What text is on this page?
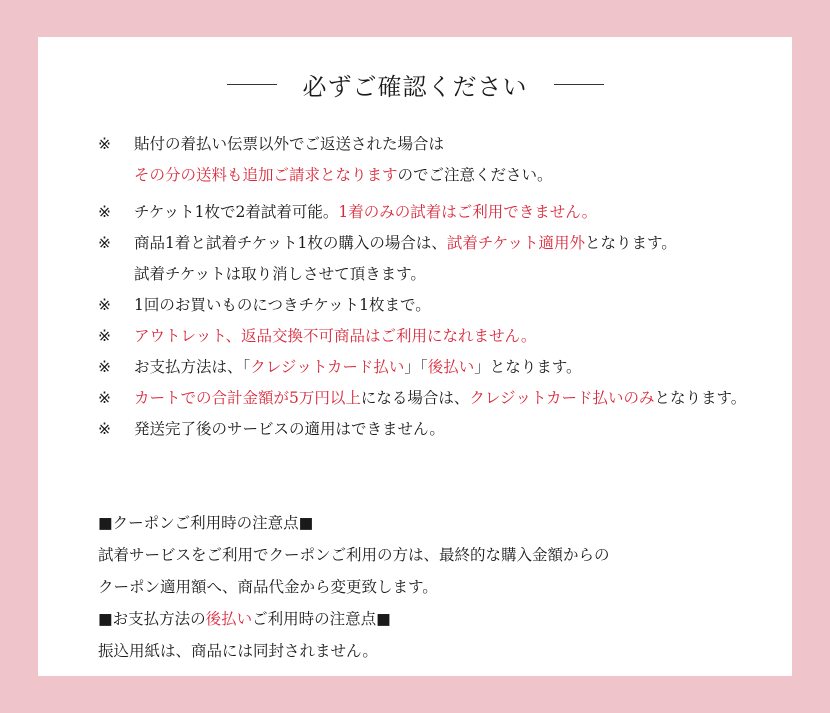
必ずご確認ください
※ 貼付の着払い伝票以外でご返送された場合は
その分の送料も追加ご請求となりますのでご注意ください。
※ チケット1枚で2着試着可能。1着のみの試着はご利用できません。
※ 商品1着と試着チケット1枚の購入の場合は、試着チケット適用外となります。
試着チケットは取り消しさせて頂きます。
※ 1回のお買いものにつきチケット1枚まで。
※ アウトレット、返品交換不可商品はご利用になれません。
※ お支払方法は、「クレジットカード払い」「後払い」となります。
※ カートでの合計金額が5万円以上になる場合は、クレジットカード払いのみとなります。
※ 発送完了後のサービスの適用はできません。
■クーポンご利用時の注意点■
試着サービスをご利用でクーポンご利用の方は、最終的な購入金額からの
クーポン適用額へ、商品代金から変更致します。
■お支払方法の後払いご利用時の注意点■
振込用紙は、商品には同封されません。
